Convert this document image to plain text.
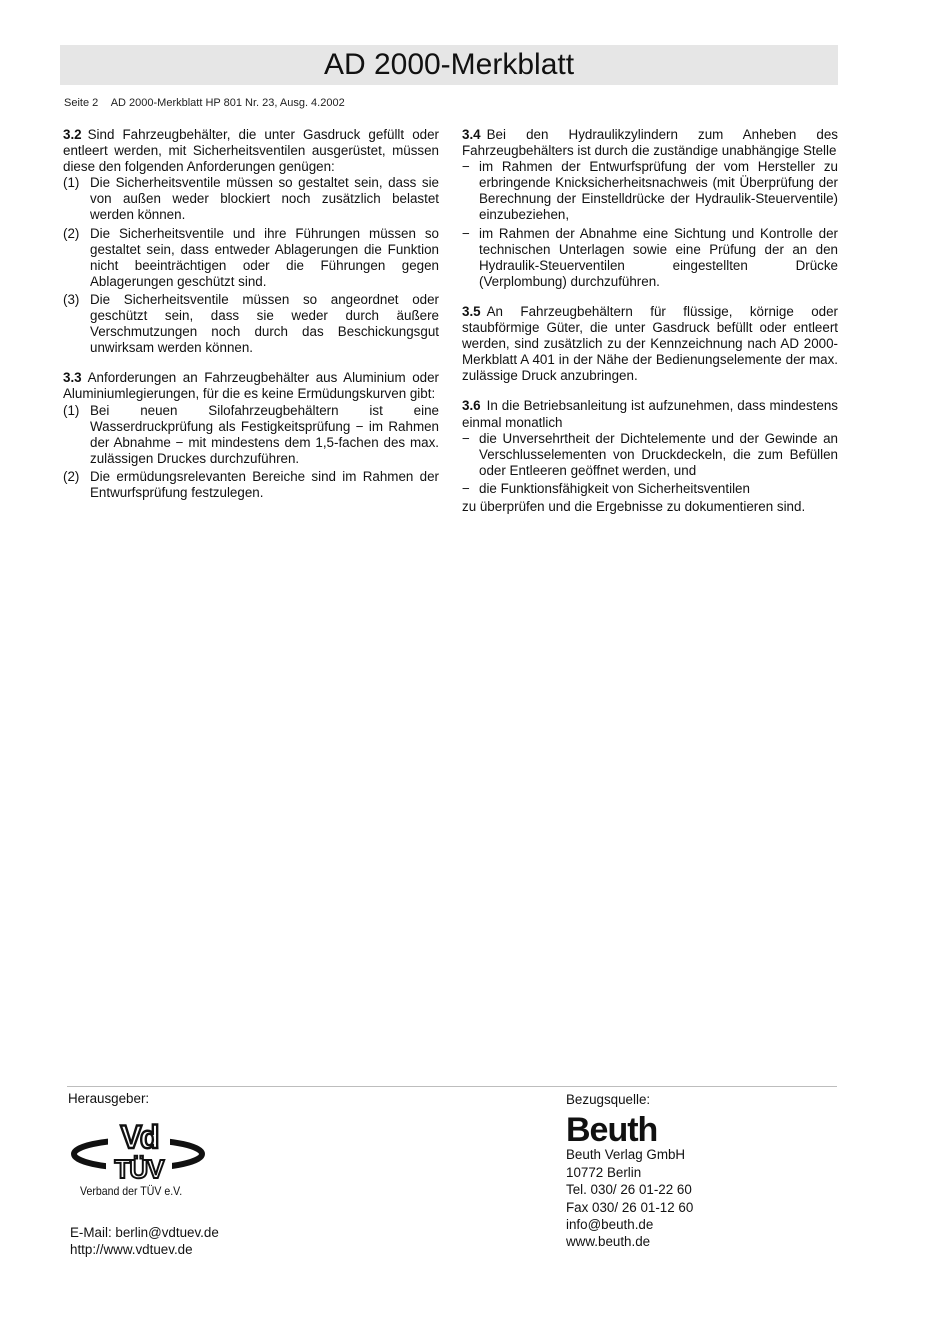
AD 2000-Merkblatt
Seite 2 AD 2000-Merkblatt HP 801 Nr. 23, Ausg. 4.2002

3.2 Sind Fahrzeugbehälter, die unter Gasdruck gefüllt oder entleert werden, mit Sicherheitsventilen ausgerüstet, müssen diese den folgenden Anforderungen genügen:

(1) Die Sicherheitsventile müssen so gestaltet sein, dass sie von außen weder blockiert noch zusätzlich belastet werden können.
(2) Die Sicherheitsventile und ihre Führungen müssen so gestaltet sein, dass entweder Ablagerungen die Funktion nicht beeinträchtigen oder die Führungen gegen Ablagerungen geschützt sind.
(3) Die Sicherheitsventile müssen so angeordnet oder geschützt sein, dass sie weder durch äußere Verschmutzungen noch durch das Beschickungsgut unwirksam werden können.

3.3 Anforderungen an Fahrzeugbehälter aus Aluminium oder Aluminiumlegierungen, für die es keine Ermüdungskurven gibt:

(1) Bei neuen Silofahrzeugbehältern ist eine Wasserdruckprüfung als Festigkeitsprüfung − im Rahmen der Abnahme − mit mindestens dem 1,5-fachen des max. zulässigen Druckes durchzuführen.
(2) Die ermüdungsrelevanten Bereiche sind im Rahmen der Entwurfsprüfung festzulegen.

3.4 Bei den Hydraulikzylindern zum Anheben des Fahrzeugbehälters ist durch die zuständige unabhängige Stelle

−
im Rahmen der Entwurfsprüfung der vom Hersteller zu erbringende Knicksicherheitsnachweis (mit Überprüfung der Berechnung der Einstelldrücke der Hydraulik-Steuerventile) einzubeziehen,
−
im Rahmen der Abnahme eine Sichtung und Kontrolle der technischen Unterlagen sowie eine Prüfung der an den Hydraulik-Steuerventilen eingestellten Drücke (Verplombung) durchzuführen.

3.5 An Fahrzeugbehältern für flüssige, körnige oder staubförmige Güter, die unter Gasdruck befüllt oder entleert werden, sind zusätzlich zu der Kennzeichnung nach AD 2000-Merkblatt A 401 in der Nähe der Bedienungselemente der max. zulässige Druck anzubringen.

3.6 In die Betriebsanleitung ist aufzunehmen, dass mindestens einmal monatlich

−
die Unversehrtheit der Dichtelemente und der Gewinde an Verschlusselementen von Druckdeckeln, die zum Befüllen oder Entleeren geöffnet werden, und
−
die Funktionsfähigkeit von Sicherheitsventilen

zu überprüfen und die Ergebnisse zu dokumentieren sind.

Herausgeber:
Vd
TÜV
Verband der TÜV e.V.
E-Mail: berlin@vdtuev.de
http://www.vdtuev.de
Bezugsquelle:
Beuth
Beuth Verlag GmbH
10772 Berlin
Tel. 030/ 26 01-22 60
Fax 030/ 26 01-12 60
info@beuth.de
www.beuth.de
